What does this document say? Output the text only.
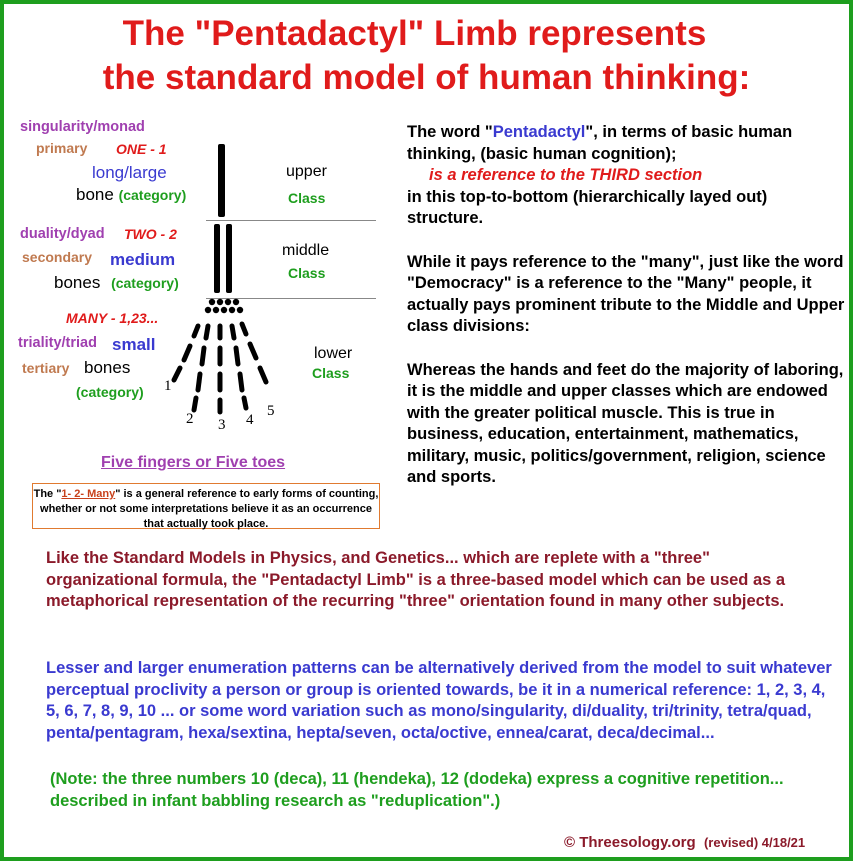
The "Pentadactyl" Limb represents
the standard model of human thinking:
singularity/monad
primary ONE - 1
long/large
bone (category)
upper
Class
duality/dyad TWO - 2
secondary medium
bones (category)
middle
Class
MANY - 1,23...
triality/triad small
tertiary bones
(category)
lower
Class
1
2 3 4
5
Five fingers or Five toes
The "1- 2- Many" is a general reference to early forms of counting, whether or not some interpretations believe it as an occurrence that actually took place.

The word "Pentadactyl", in terms of basic human thinking, (basic human cognition);
is a reference to the THIRD section
in this top-to-bottom (hierarchically layed out) structure.

While it pays reference to the "many", just like the word "Democracy" is a reference to the "Many" people, it actually pays prominent tribute to the Middle and Upper class divisions:

Whereas the hands and feet do the majority of laboring, it is the middle and upper classes which are endowed with the greater political muscle. This is true in business, education, entertainment, mathematics, military, music, politics/government, religion, science and sports.

Like the Standard Models in Physics, and Genetics... which are replete with a "three" organizational formula, the "Pentadactyl Limb" is a three-based model which can be used as a metaphorical representation of the recurring "three" orientation found in many other subjects.
Lesser and larger enumeration patterns can be alternatively derived from the model to suit whatever perceptual proclivity a person or group is oriented towards, be it in a numerical reference: 1, 2, 3, 4, 5, 6, 7, 8, 9, 10 ... or some word variation such as mono/singularity, di/duality, tri/trinity, tetra/quad, penta/pentagram, hexa/sextina, hepta/seven, octa/octive, ennea/carat, deca/decimal...
(Note: the three numbers 10 (deca), 11 (hendeka), 12 (dodeka) express a cognitive repetition... described in infant babbling research as "reduplication".)
© Threesology.org (revised) 4/18/21
